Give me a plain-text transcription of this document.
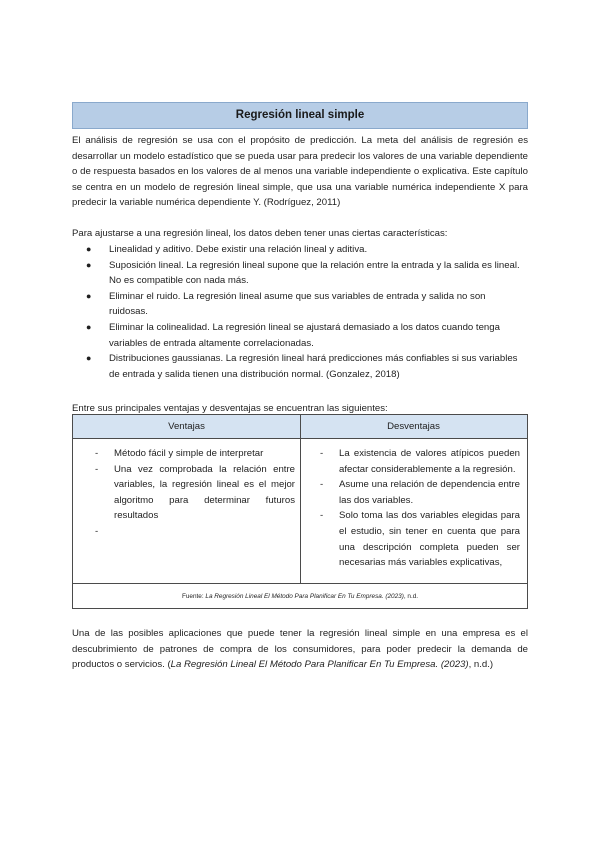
Regresión lineal simple

El análisis de regresión se usa con el propósito de predicción. La meta del análisis de regresión es desarrollar un modelo estadístico que se pueda usar para predecir los valores de una variable dependiente o de respuesta basados en los valores de al menos una variable independiente o explicativa. Este capítulo se centra en un modelo de regresión lineal simple, que usa una variable numérica independiente X para predecir la variable numérica dependiente Y. (Rodríguez, 2011)

Para ajustarse a una regresión lineal, los datos deben tener unas ciertas características:

● Linealidad y aditivo. Debe existir una relación lineal y aditiva.
● Suposición lineal. La regresión lineal supone que la relación entre la entrada y la salida es lineal. No es compatible con nada más.
● Eliminar el ruido. La regresión lineal asume que sus variables de entrada y salida no son ruidosas.
● Eliminar la colinealidad. La regresión lineal se ajustará demasiado a los datos cuando tenga variables de entrada altamente correlacionadas.
● Distribuciones gaussianas. La regresión lineal hará predicciones más confiables si sus variables de entrada y salida tienen una distribución normal. (Gonzalez, 2018)

Entre sus principales ventajas y desventajas se encuentran las siguientes:

Ventajas	Desventajas
- Método fácil y simple de interpretar
- Una vez comprobada la relación entre variables, la regresión lineal es el mejor algoritmo para determinar futuros resultados
-
- La existencia de valores atípicos pueden afectar considerablemente a la regresión.
- Asume una relación de dependencia entre las dos variables.
- Solo toma las dos variables elegidas para el estudio, sin tener en cuenta que para una descripción completa pueden ser necesarias más variables explicativas,
Fuente: La Regresión Lineal El Método Para Planificar En Tu Empresa. (2023), n.d.

Una de las posibles aplicaciones que puede tener la regresión lineal simple en una empresa es el descubrimiento de patrones de compra de los consumidores, para poder predecir la demanda de productos o servicios. (La Regresión Lineal El Método Para Planificar En Tu Empresa. (2023), n.d.)
